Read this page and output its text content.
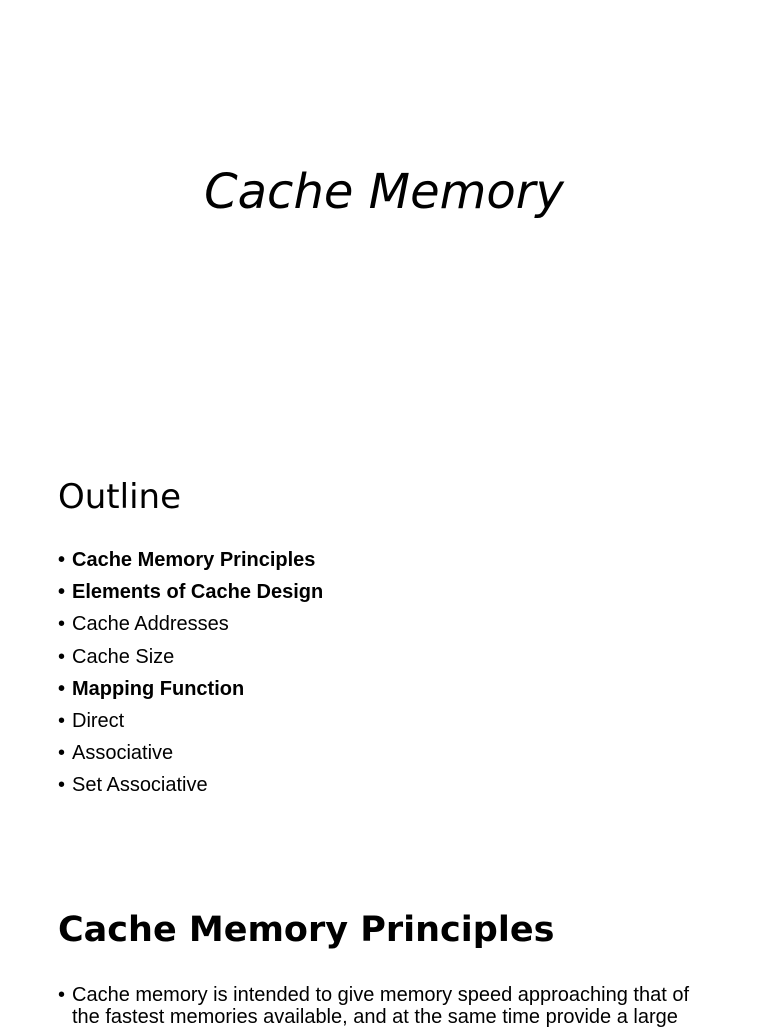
Cache Memory
Outline
• Cache Memory Principles
• Elements of Cache Design
• Cache Addresses
• Cache Size
• Mapping Function
• Direct
• Associative
• Set Associative
Cache Memory Principles
• Cache memory is intended to give memory speed approaching that of the fastest memories available, and at the same time provide a large
